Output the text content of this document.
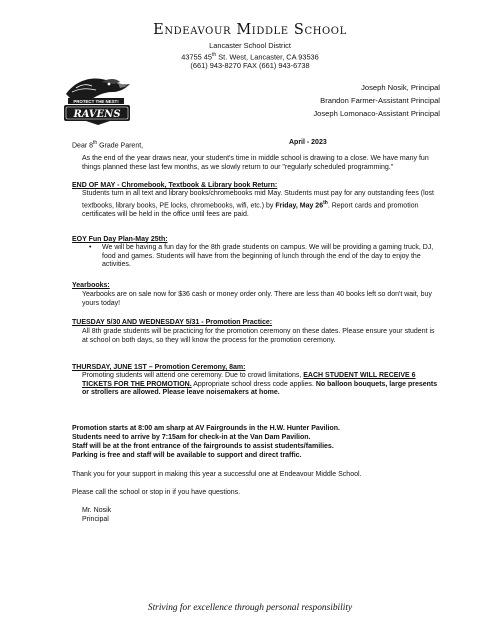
Endeavour Middle School
Lancaster School District
43755 45th St. West, Lancaster, CA 93536
(661) 943-8270 FAX (661) 943-6738
PROTECT THE NEST!
RAVENS
Joseph Nosik, Principal
Brandon Farmer-Assistant Principal
Joseph Lomonaco-Assistant Principal
Dear 8th Grade Parent,	April - 2023
As the end of the year draws near, your student's time in middle school is drawing to a close. We have many fun things planned these last few months, as we slowly return to our "regularly scheduled programming."
END OF MAY - Chromebook, Textbook & Library book Return:
Students turn in all text and library books/chromebooks mid May. Students must pay for any outstanding fees (lost textbooks, library books, PE locks, chromebooks, wifi, etc.) by Friday, May 26th. Report cards and promotion certificates will be held in the office until fees are paid.
EOY Fun Day Plan-May 25th:
• We will be having a fun day for the 8th grade students on campus. We will be providing a gaming truck, DJ, food and games. Students will have from the beginning of lunch through the end of the day to enjoy the activities.
Yearbooks:
Yearbooks are on sale now for $36 cash or money order only. There are less than 40 books left so don't wait, buy yours today!
TUESDAY 5/30 AND WEDNESDAY 5/31 - Promotion Practice:
All 8th grade students will be practicing for the promotion ceremony on these dates. Please ensure your student is at school on both days, so they will know the process for the promotion ceremony.
THURSDAY, JUNE 1ST – Promotion Ceremony, 8am:
Promoting students will attend one ceremony. Due to crowd limitations, EACH STUDENT WILL RECEIVE 6 TICKETS FOR THE PROMOTION. Appropriate school dress code applies. No balloon bouquets, large presents or strollers are allowed. Please leave noisemakers at home.
Promotion starts at 8:00 am sharp at AV Fairgrounds in the H.W. Hunter Pavilion.
Students need to arrive by 7:15am for check-in at the Van Dam Pavilion.
Staff will be at the front entrance of the fairgrounds to assist students/families.
Parking is free and staff will be available to support and direct traffic.
Thank you for your support in making this year a successful one at Endeavour Middle School.
Please call the school or stop in if you have questions.
Mr. Nosik
Principal
Striving for excellence through personal responsibility
